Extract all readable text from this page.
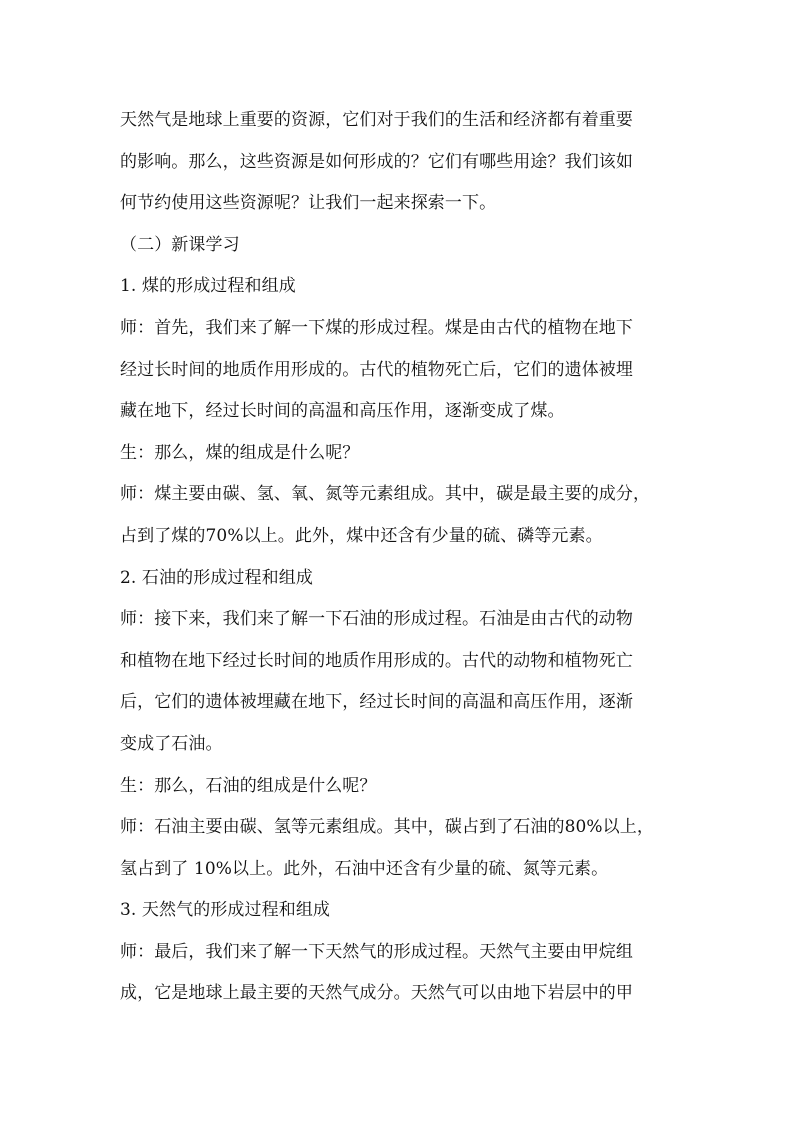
天然气是地球上重要的资源，它们对于我们的生活和经济都有着重要
的影响。那么，这些资源是如何形成的？它们有哪些用途？我们该如
何节约使用这些资源呢？让我们一起来探索一下。
（二）新课学习
1. 煤的形成过程和组成
师：首先，我们来了解一下煤的形成过程。煤是由古代的植物在地下
经过长时间的地质作用形成的。古代的植物死亡后，它们的遗体被埋
藏在地下，经过长时间的高温和高压作用，逐渐变成了煤。
生：那么，煤的组成是什么呢？
师：煤主要由碳、氢、氧、氮等元素组成。其中，碳是最主要的成分，
占到了煤的70%以上。此外，煤中还含有少量的硫、磷等元素。
2. 石油的形成过程和组成
师：接下来，我们来了解一下石油的形成过程。石油是由古代的动物
和植物在地下经过长时间的地质作用形成的。古代的动物和植物死亡
后，它们的遗体被埋藏在地下，经过长时间的高温和高压作用，逐渐
变成了石油。
生：那么，石油的组成是什么呢？
师：石油主要由碳、氢等元素组成。其中，碳占到了石油的80%以上，
氢占到了 10%以上。此外，石油中还含有少量的硫、氮等元素。
3. 天然气的形成过程和组成
师：最后，我们来了解一下天然气的形成过程。天然气主要由甲烷组
成，它是地球上最主要的天然气成分。天然气可以由地下岩层中的甲
